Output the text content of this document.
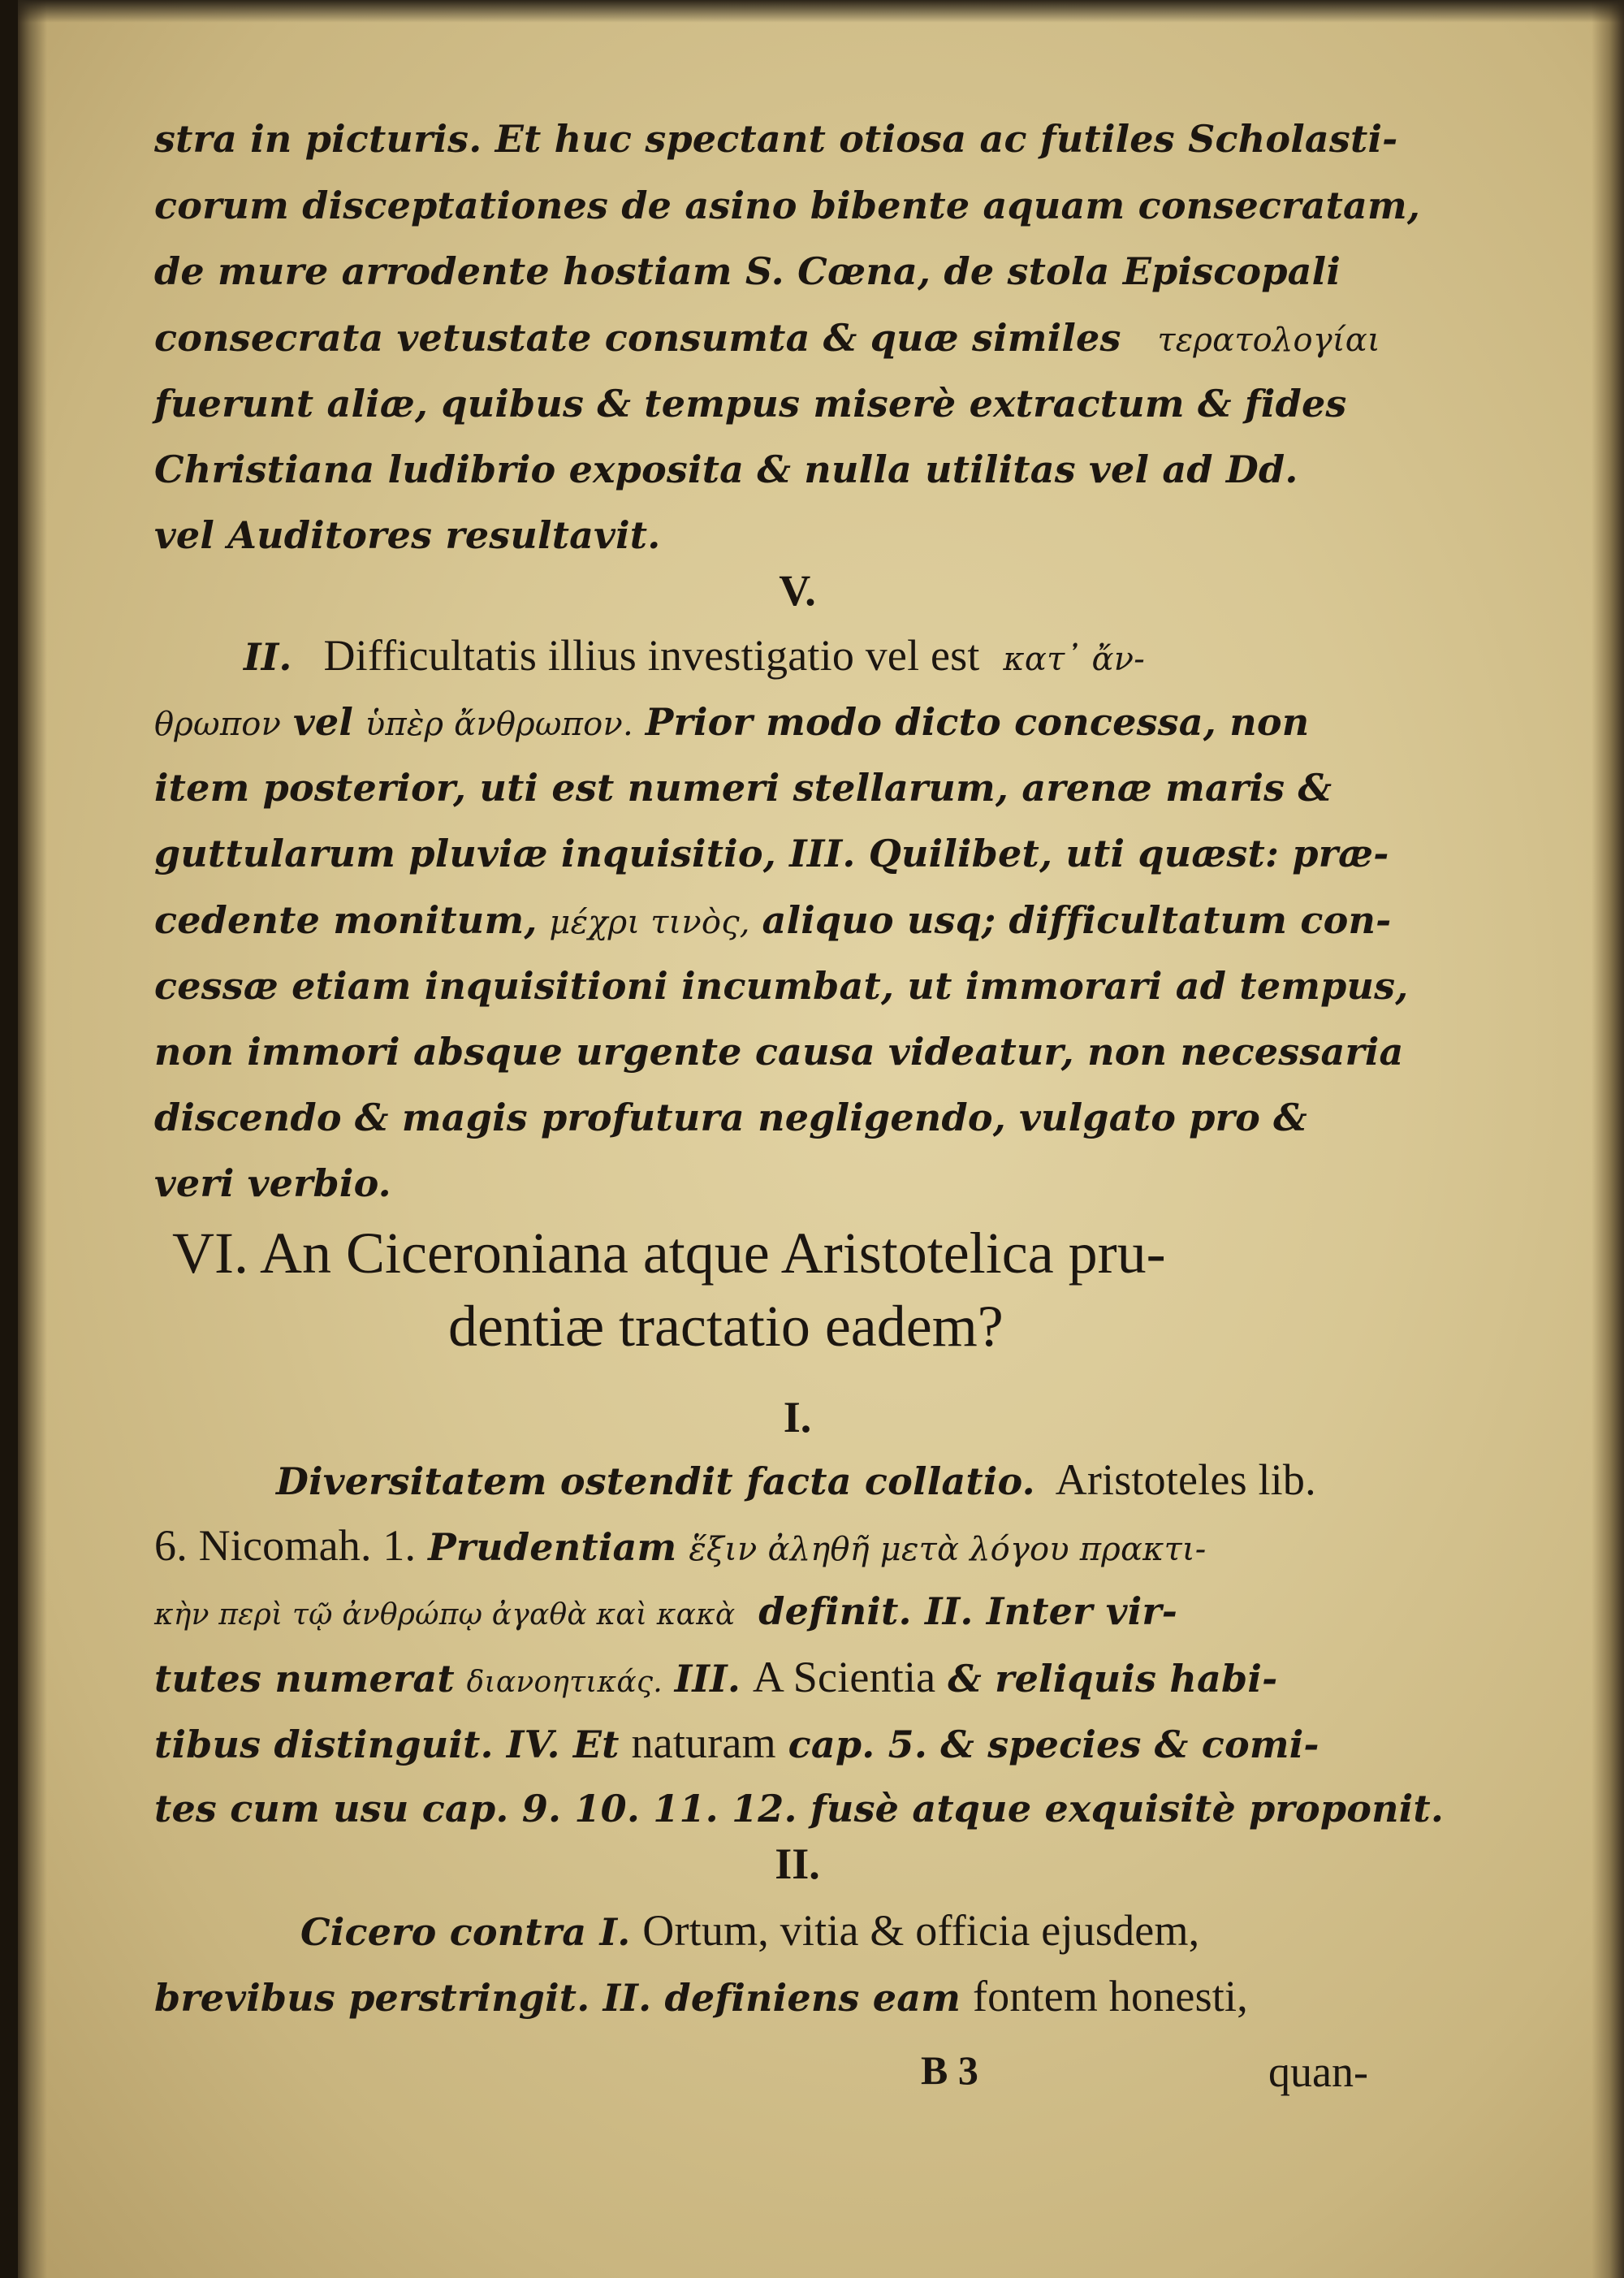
stra in picturis. Et huc spectant otiosa ac futiles Scholasti-
corum disceptationes de asino bibente aquam consecratam,
de mure arrodente hostiam S. Cœna, de stola Episcopali
consecrata vetustate consumta & quæ similes τερατολογίαι
fuerunt aliæ, quibus & tempus miserè extractum & fides
Christiana ludibrio exposita & nulla utilitas vel ad Dd.
vel Auditores resultavit.
V.
II. Difficultatis illius investigatio vel est κατ᾽ ἄν-
θρωπον vel ὑπὲρ ἄνθρωπον. Prior modo dicto concessa, non
item posterior, uti est numeri stellarum, arenæ maris &
guttularum pluviæ inquisitio, III. Quilibet, uti quæst: præ-
cedente monitum, μέχρι τινὸς, aliquo usq; difficultatum con-
cessæ etiam inquisitioni incumbat, ut immorari ad tempus,
non immori absque urgente causa videatur, non necessaria
discendo & magis profutura negligendo, vulgato pro &
veri verbio.
VI. An Ciceroniana atque Aristotelica pru-
dentiæ tractatio eadem?
I.
Diversitatem ostendit facta collatio. Aristoteles lib.
6. Nicomah. 1. Prudentiam ἕξιν ἀληθῆ μετὰ λόγου πρακτι-
κὴν περὶ τῷ ἀνθρώπῳ ἀγαθὰ καὶ κακὰ definit. II. Inter vir-
tutes numerat διανοητικάς. III. A Scientia & reliquis habi-
tibus distinguit. IV. Et naturam cap. 5. & species & comi-
tes cum usu cap. 9. 10. 11. 12. fusè atque exquisitè proponit.
II.
Cicero contra I. Ortum, vitia & officia ejusdem,
brevibus perstringit. II. definiens eam fontem honesti,
B 3	quan-
